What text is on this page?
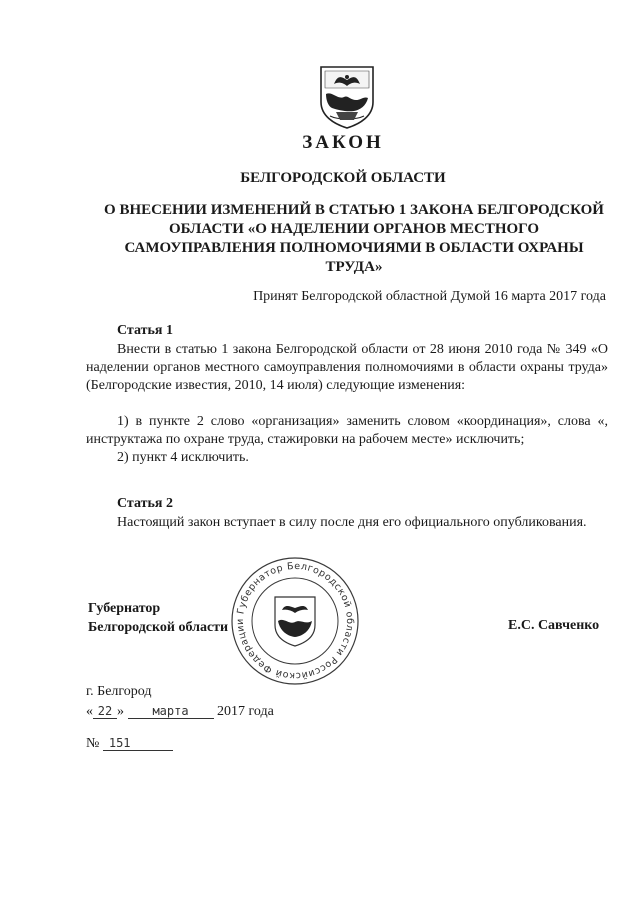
ЗАКОН
БЕЛГОРОДСКОЙ ОБЛАСТИ
О ВНЕСЕНИИ ИЗМЕНЕНИЙ В СТАТЬЮ 1 ЗАКОНА БЕЛГОРОДСКОЙ
ОБЛАСТИ «О НАДЕЛЕНИИ ОРГАНОВ МЕСТНОГО
САМОУПРАВЛЕНИЯ ПОЛНОМОЧИЯМИ В ОБЛАСТИ ОХРАНЫ
ТРУДА»
Принят Белгородской областной Думой 16 марта 2017 года
Статья 1
Внести в статью 1 закона Белгородской области от 28 июня 2010 года № 349 «О наделении органов местного самоуправления полномочиями в области охраны труда» (Белгородские известия, 2010, 14 июля) следующие изменения:
1) в пункте 2 слово «организация» заменить словом «координация», слова «, инструктажа по охране труда, стажировки на рабочем месте» исключить;
2) пункт 4 исключить.
Статья 2
Настоящий закон вступает в силу после дня его официального опубликования.
Губернатор
Белгородской области	Е.С. Савченко
Губернатор Белгородской области Российской Федерации
г. Белгород
« 22 » марта 2017 года
№ 151
